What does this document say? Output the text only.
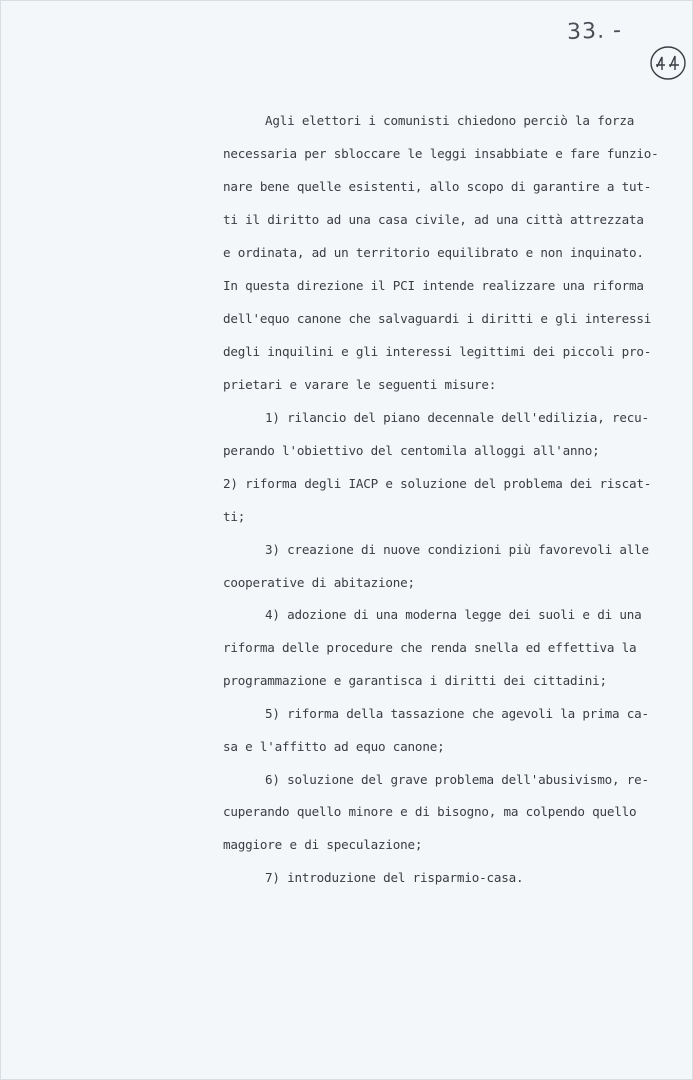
33. -
Agli elettori i comunisti chiedono perciò la forza
necessaria per sbloccare le leggi insabbiate e fare funzio-
nare bene quelle esistenti, allo scopo di garantire a tut-
ti il diritto ad una casa civile, ad una città attrezzata
e ordinata, ad un territorio equilibrato e non inquinato.
In questa direzione il PCI intende realizzare una riforma
dell'equo canone che salvaguardi i diritti e gli interessi
degli inquilini e gli interessi legittimi dei piccoli pro-
prietari e varare le seguenti misure:
1) rilancio del piano decennale dell'edilizia, recu-
perando l'obiettivo del centomila alloggi all'anno;
2) riforma degli IACP e soluzione del problema dei riscat-
ti;
3) creazione di nuove condizioni più favorevoli alle
cooperative di abitazione;
4) adozione di una moderna legge dei suoli e di una
riforma delle procedure che renda snella ed effettiva la
programmazione e garantisca i diritti dei cittadini;
5) riforma della tassazione che agevoli la prima ca-
sa e l'affitto ad equo canone;
6) soluzione del grave problema dell'abusivismo, re-
cuperando quello minore e di bisogno, ma colpendo quello
maggiore e di speculazione;
7) introduzione del risparmio-casa.
